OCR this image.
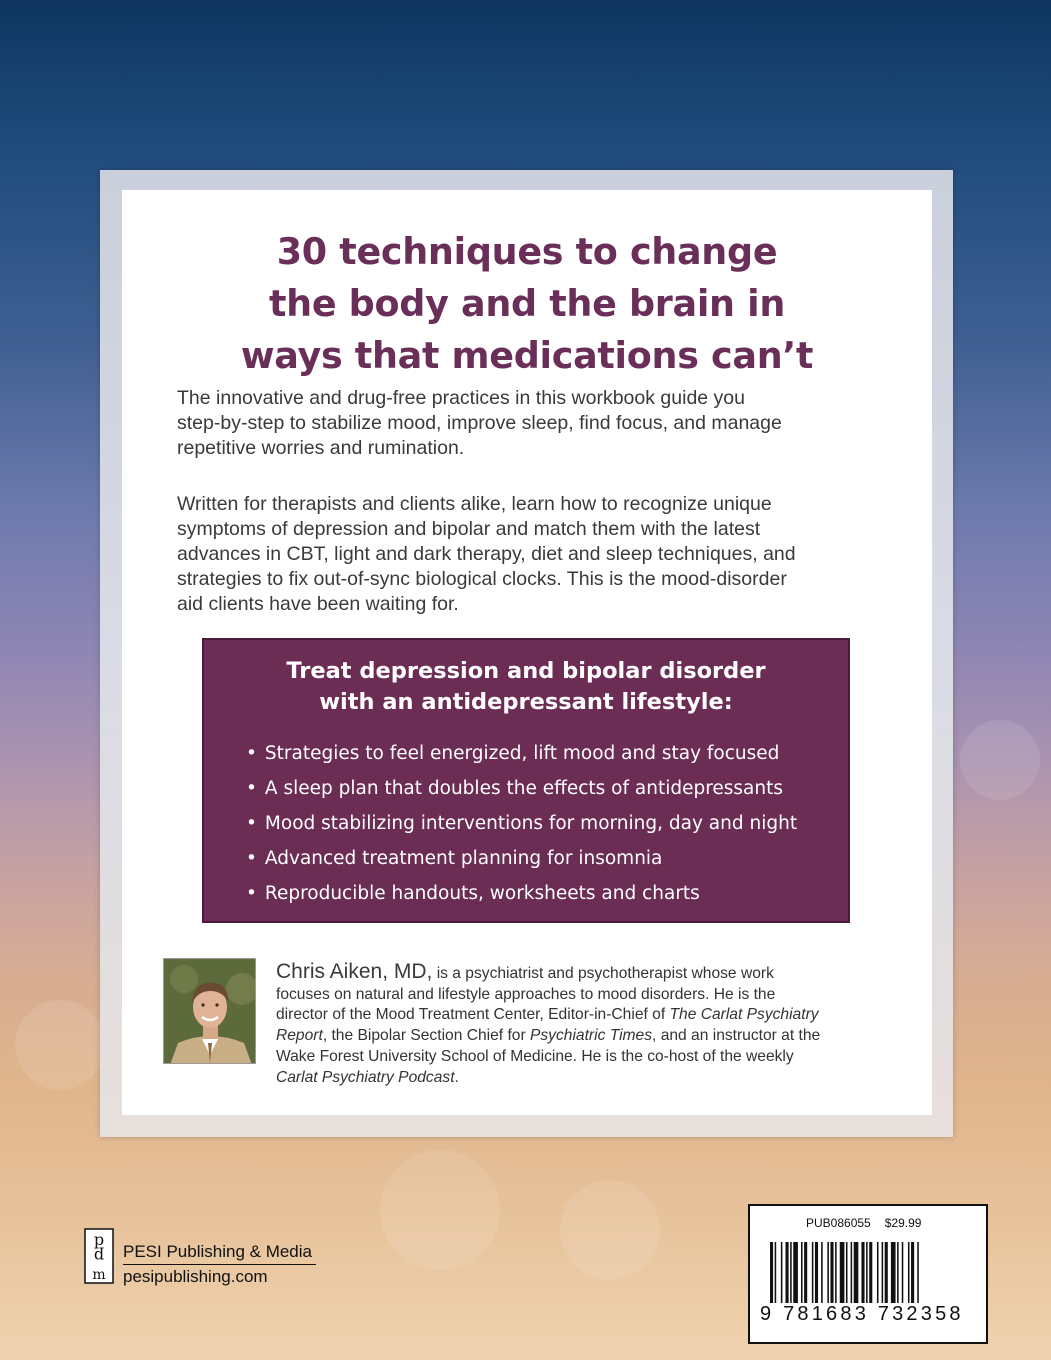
30 techniques to change
the body and the brain in
ways that medications can’t
The innovative and drug-free practices in this workbook guide you
step-by-step to stabilize mood, improve sleep, find focus, and manage
repetitive worries and rumination.
Written for therapists and clients alike, learn how to recognize unique
symptoms of depression and bipolar and match them with the latest
advances in CBT, light and dark therapy, diet and sleep techniques, and
strategies to fix out-of-sync biological clocks. This is the mood-disorder
aid clients have been waiting for.
Treat depression and bipolar disorder
with an antidepressant lifestyle:
• Strategies to feel energized, lift mood and stay focused
• A sleep plan that doubles the effects of antidepressants
• Mood stabilizing interventions for morning, day and night
• Advanced treatment planning for insomnia
• Reproducible handouts, worksheets and charts
Chris Aiken, MD, is a psychiatrist and psychotherapist whose work
focuses on natural and lifestyle approaches to mood disorders. He is the
director of the Mood Treatment Center, Editor-in-Chief of The Carlat Psychiatry
Report, the Bipolar Section Chief for Psychiatric Times, and an instructor at the
Wake Forest University School of Medicine. He is the co-host of the weekly
Carlat Psychiatry Podcast.
p
p
m
PESI Publishing & Media
pesipublishing.com
PUB086055 $29.99
9 781683 732358
